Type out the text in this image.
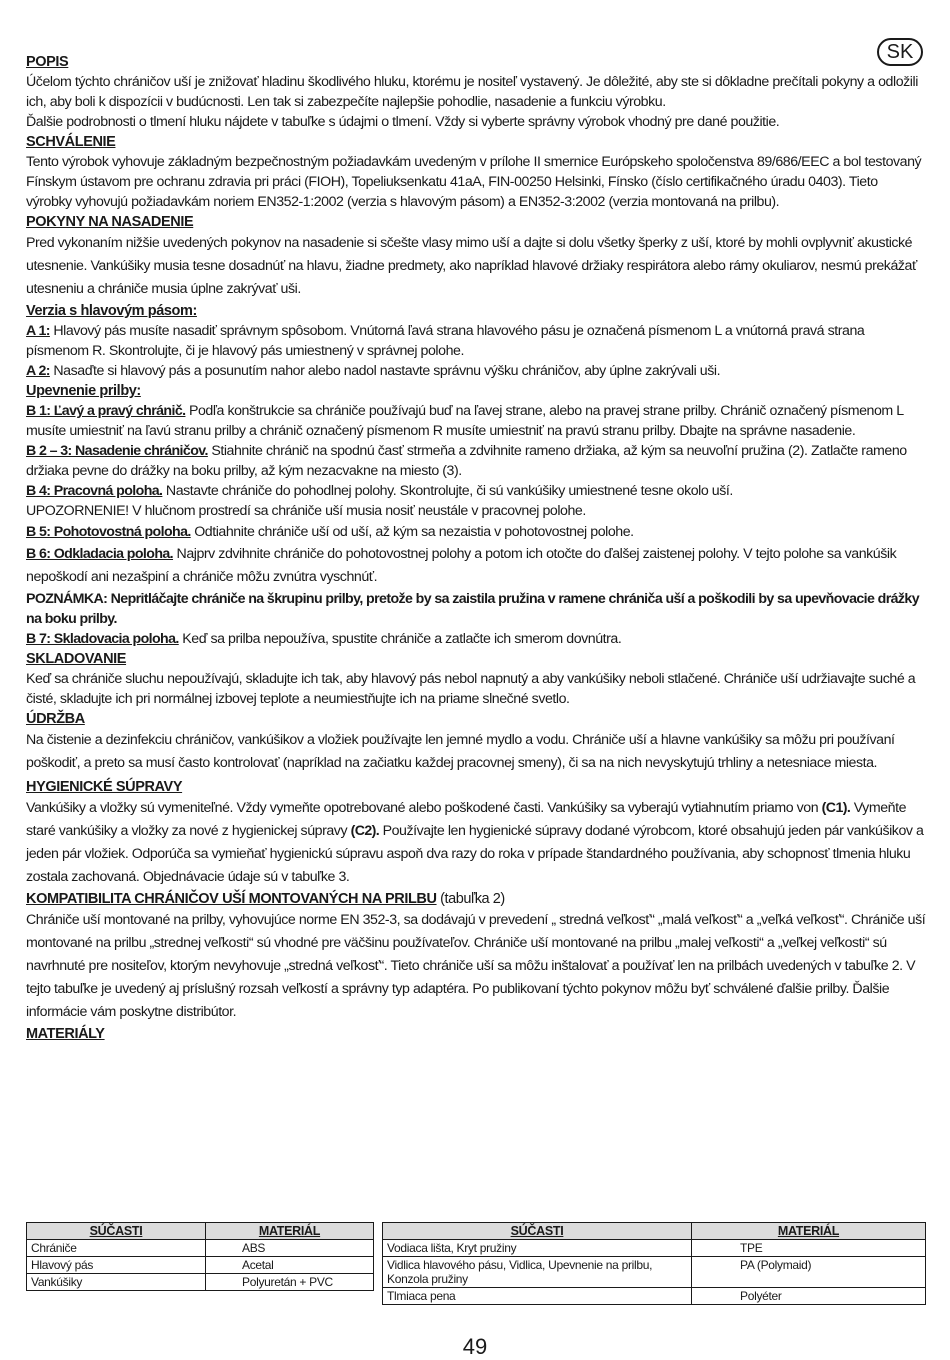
SK
POPIS

Účelom týchto chráničov uší je znižovať hladinu škodlivého hluku, ktorému je nositeľ vystavený. Je dôležité, aby ste si dôkladne prečítali pokyny a odložili ich, aby boli k dispozícii v budúcnosti. Len tak si zabezpečíte najlepšie pohodlie, nasadenie a funkciu výrobku.

Ďalšie podrobnosti o tlmení hluku nájdete v tabuľke s údajmi o tlmení. Vždy si vyberte správny výrobok vhodný pre dané použitie.

SCHVÁLENIE

Tento výrobok vyhovuje základným bezpečnostným požiadavkám uvedeným v prílohe II smernice Európskeho spoločenstva 89/686/EEC a bol testovaný Fínskym ústavom pre ochranu zdravia pri práci (FIOH), Topeliuksenkatu 41aA, FIN-00250 Helsinki, Fínsko (číslo certifikačného úradu 0403). Tieto výrobky vyhovujú požiadavkám noriem EN352-1:2002 (verzia s hlavovým pásom) a EN352-3:2002 (verzia montovaná na prilbu).

POKYNY NA NASADENIE

Pred vykonaním nižšie uvedených pokynov na nasadenie si sčešte vlasy mimo uší a dajte si dolu všetky šperky z uší, ktoré by mohli ovplyvniť akustické utesnenie. Vankúšiky musia tesne dosadnúť na hlavu, žiadne predmety, ako napríklad hlavové držiaky respirátora alebo rámy okuliarov, nesmú prekážať utesneniu a chrániče musia úplne zakrývať uši.

Verzia s hlavovým pásom:

A 1: Hlavový pás musíte nasadiť správnym spôsobom. Vnútorná ľavá strana hlavového pásu je označená písmenom L a vnútorná pravá strana písmenom R. Skontrolujte, či je hlavový pás umiestnený v správnej polohe.

A 2: Nasaďte si hlavový pás a posunutím nahor alebo nadol nastavte správnu výšku chráničov, aby úplne zakrývali uši.

Upevnenie prilby:

B 1: Ľavý a pravý chránič. Podľa konštrukcie sa chrániče používajú buď na ľavej strane, alebo na pravej strane prilby. Chránič označený písmenom L musíte umiestniť na ľavú stranu prilby a chránič označený písmenom R musíte umiestniť na pravú stranu prilby. Dbajte na správne nasadenie.

B 2 – 3: Nasadenie chráničov. Stiahnite chránič na spodnú časť strmeňa a zdvihnite rameno držiaka, až kým sa neuvoľní pružina (2). Zatlačte rameno držiaka pevne do drážky na boku prilby, až kým nezacvakne na miesto (3).

B 4: Pracovná poloha. Nastavte chrániče do pohodlnej polohy. Skontrolujte, či sú vankúšiky umiestnené tesne okolo uší.

UPOZORNENIE! V hlučnom prostredí sa chrániče uší musia nosiť neustále v pracovnej polohe.

B 5: Pohotovostná poloha. Odtiahnite chrániče uší od uší, až kým sa nezaistia v pohotovostnej polohe.

B 6: Odkladacia poloha. Najprv zdvihnite chrániče do pohotovostnej polohy a potom ich otočte do ďalšej zaistenej polohy. V tejto polohe sa vankúšik nepoškodí ani nezašpiní a chrániče môžu zvnútra vyschnúť.

POZNÁMKA: Nepritláčajte chrániče na škrupinu prilby, pretože by sa zaistila pružina v ramene chrániča uší a poškodili by sa upevňovacie drážky na boku prilby.

B 7: Skladovacia poloha. Keď sa prilba nepoužíva, spustite chrániče a zatlačte ich smerom dovnútra.

SKLADOVANIE

Keď sa chrániče sluchu nepoužívajú, skladujte ich tak, aby hlavový pás nebol napnutý a aby vankúšiky neboli stlačené. Chrániče uší udržiavajte suché a čisté, skladujte ich pri normálnej izbovej teplote a neumiestňujte ich na priame slnečné svetlo.

ÚDRŽBA

Na čistenie a dezinfekciu chráničov, vankúšikov a vložiek používajte len jemné mydlo a vodu. Chrániče uší a hlavne vankúšiky sa môžu pri používaní poškodiť, a preto sa musí často kontrolovať (napríklad na začiatku každej pracovnej smeny), či sa na nich nevyskytujú trhliny a netesniace miesta.

HYGIENICKÉ SÚPRAVY

Vankúšiky a vložky sú vymeniteľné. Vždy vymeňte opotrebované alebo poškodené časti. Vankúšiky sa vyberajú vytiahnutím priamo von (C1). Vymeňte staré vankúšiky a vložky za nové z hygienickej súpravy (C2). Používajte len hygienické súpravy dodané výrobcom, ktoré obsahujú jeden pár vankúšikov a jeden pár vložiek. Odporúča sa vymieňať hygienickú súpravu aspoň dva razy do roka v prípade štandardného používania, aby schopnosť tlmenia hluku zostala zachovaná. Objednávacie údaje sú v tabuľke 3.

KOMPATIBILITA CHRÁNIČOV UŠÍ MONTOVANÝCH NA PRILBU (tabuľka 2)

Chrániče uší montované na prilby, vyhovujúce norme EN 352-3, sa dodávajú v prevedení „ stredná veľkosť“ „malá veľkosť“ a „veľká veľkosť“. Chrániče uší montované na prilbu „strednej veľkosti“ sú vhodné pre väčšinu používateľov. Chrániče uší montované na prilbu „malej veľkosti“ a „veľkej veľkosti“ sú navrhnuté pre nositeľov, ktorým nevyhovuje „stredná veľkosť“. Tieto chrániče uší sa môžu inštalovať a používať len na prilbách uvedených v tabuľke 2. V tejto tabuľke je uvedený aj príslušný rozsah veľkostí a správny typ adaptéra. Po publikovaní týchto pokynov môžu byť schválené ďalšie prilby. Ďalšie informácie vám poskytne distribútor.

MATERIÁLY
SÚČASTI	MATERIÁL
Chrániče	ABS
Hlavový pás	Acetal
Vankúšiky	Polyuretán + PVC
SÚČASTI	MATERIÁL
Vodiaca lišta, Kryt pružiny	TPE
Vidlica hlavového pásu, Vidlica, Upevnenie na prilbu, Konzola pružiny	PA (Polymaid)
Tlmiaca pena	Polyéter
49
